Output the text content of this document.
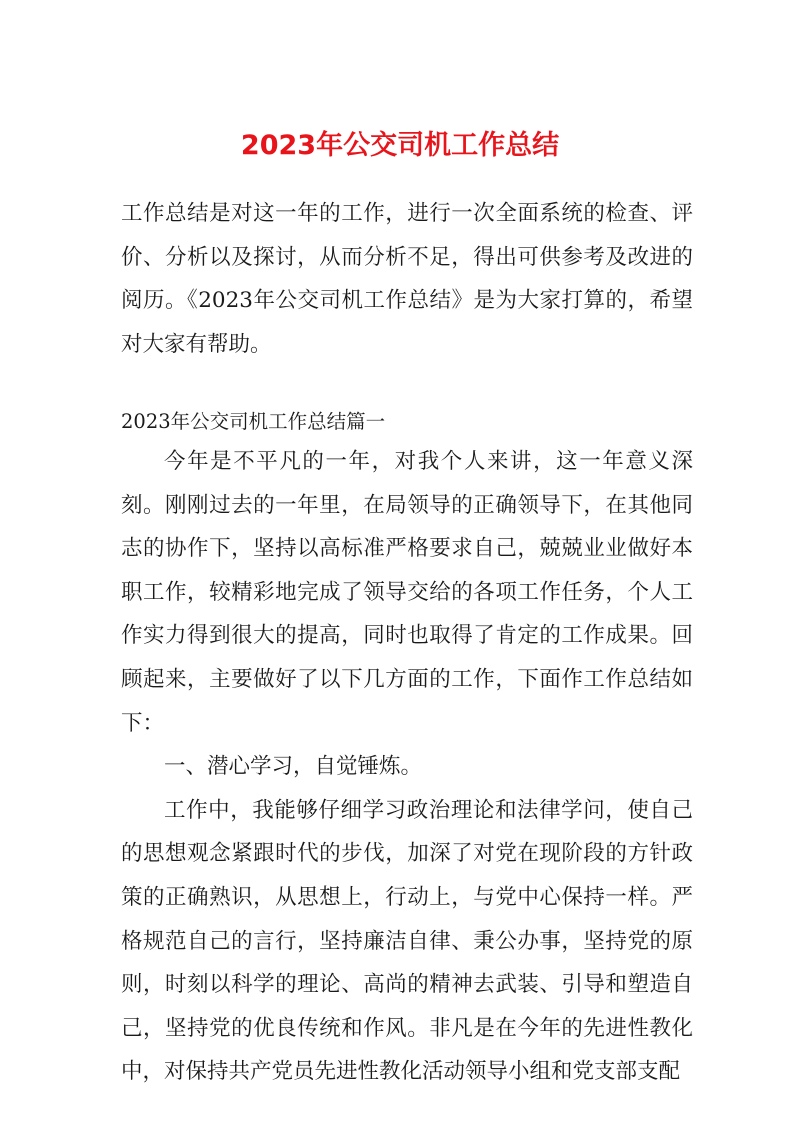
2023年公交司机工作总结

工作总结是对这一年的工作，进行一次全面系统的检查、评价、分析以及探讨，从而分析不足，得出可供参考及改进的阅历。《2023年公交司机工作总结》是为大家打算的，希望对大家有帮助。

2023年公交司机工作总结篇一

今年是不平凡的一年，对我个人来讲，这一年意义深刻。刚刚过去的一年里，在局领导的正确领导下，在其他同志的协作下，坚持以高标准严格要求自己，兢兢业业做好本职工作，较精彩地完成了领导交给的各项工作任务，个人工作实力得到很大的提高，同时也取得了肯定的工作成果。回顾起来，主要做好了以下几方面的工作，下面作工作总结如下：

一、潜心学习，自觉锤炼。

工作中，我能够仔细学习政治理论和法律学问，使自己的思想观念紧跟时代的步伐，加深了对党在现阶段的方针政策的正确熟识，从思想上，行动上，与党中心保持一样。严格规范自己的言行，坚持廉洁自律、秉公办事，坚持党的原则，时刻以科学的理论、高尚的精神去武装、引导和塑造自己，坚持党的优良传统和作风。非凡是在今年的先进性教化中，对保持共产党员先进性教化活动领导小组和党支部支配
